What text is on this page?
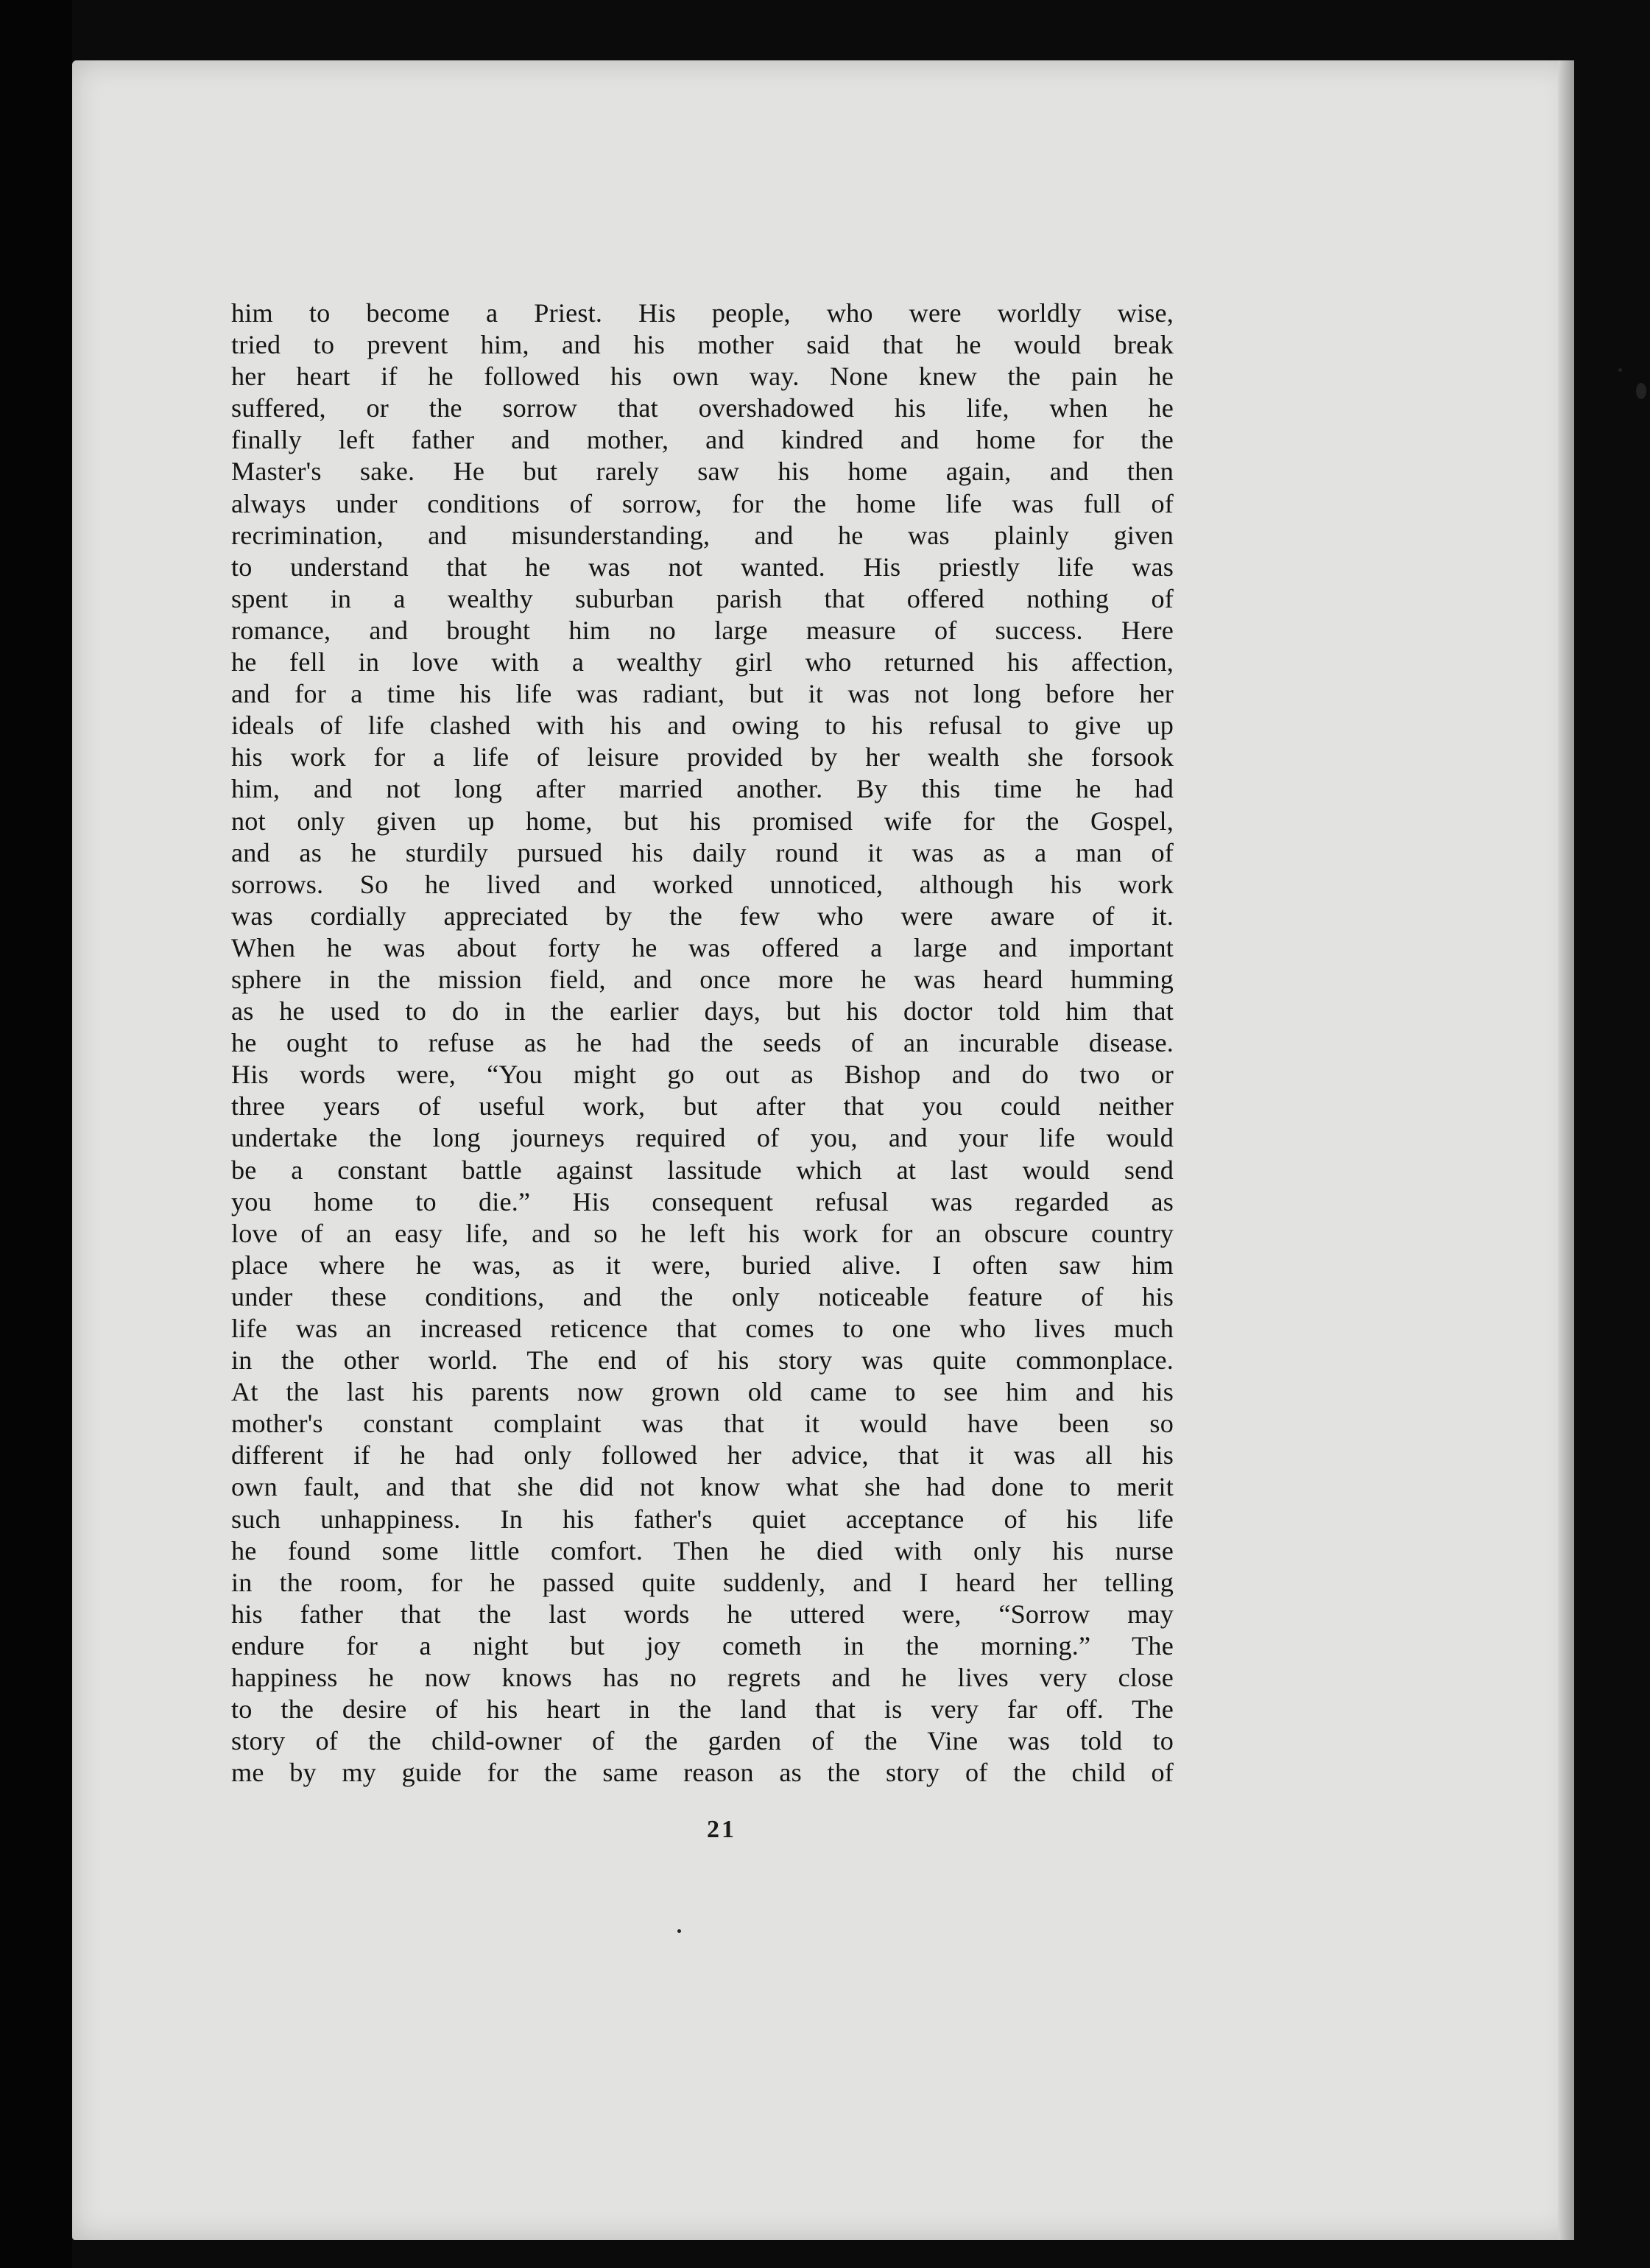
him to become a Priest. His people, who were worldly wise,
tried to prevent him, and his mother said that he would break
her heart if he followed his own way. None knew the pain he
suffered, or the sorrow that overshadowed his life, when he
finally left father and mother, and kindred and home for the
Master's sake. He but rarely saw his home again, and then
always under conditions of sorrow, for the home life was full of
recrimination, and misunderstanding, and he was plainly given
to understand that he was not wanted. His priestly life was
spent in a wealthy suburban parish that offered nothing of
romance, and brought him no large measure of success. Here
he fell in love with a wealthy girl who returned his affection,
and for a time his life was radiant, but it was not long before her
ideals of life clashed with his and owing to his refusal to give up
his work for a life of leisure provided by her wealth she forsook
him, and not long after married another. By this time he had
not only given up home, but his promised wife for the Gospel,
and as he sturdily pursued his daily round it was as a man of
sorrows. So he lived and worked unnoticed, although his work
was cordially appreciated by the few who were aware of it.
When he was about forty he was offered a large and important
sphere in the mission field, and once more he was heard humming
as he used to do in the earlier days, but his doctor told him that
he ought to refuse as he had the seeds of an incurable disease.
His words were, “You might go out as Bishop and do two or
three years of useful work, but after that you could neither
undertake the long journeys required of you, and your life would
be a constant battle against lassitude which at last would send
you home to die.” His consequent refusal was regarded as
love of an easy life, and so he left his work for an obscure country
place where he was, as it were, buried alive. I often saw him
under these conditions, and the only noticeable feature of his
life was an increased reticence that comes to one who lives much
in the other world. The end of his story was quite commonplace.
At the last his parents now grown old came to see him and his
mother's constant complaint was that it would have been so
different if he had only followed her advice, that it was all his
own fault, and that she did not know what she had done to merit
such unhappiness. In his father's quiet acceptance of his life
he found some little comfort. Then he died with only his nurse
in the room, for he passed quite suddenly, and I heard her telling
his father that the last words he uttered were, “Sorrow may
endure for a night but joy cometh in the morning.” The
happiness he now knows has no regrets and he lives very close
to the desire of his heart in the land that is very far off. The
story of the child-owner of the garden of the Vine was told to
me by my guide for the same reason as the story of the child of
21
